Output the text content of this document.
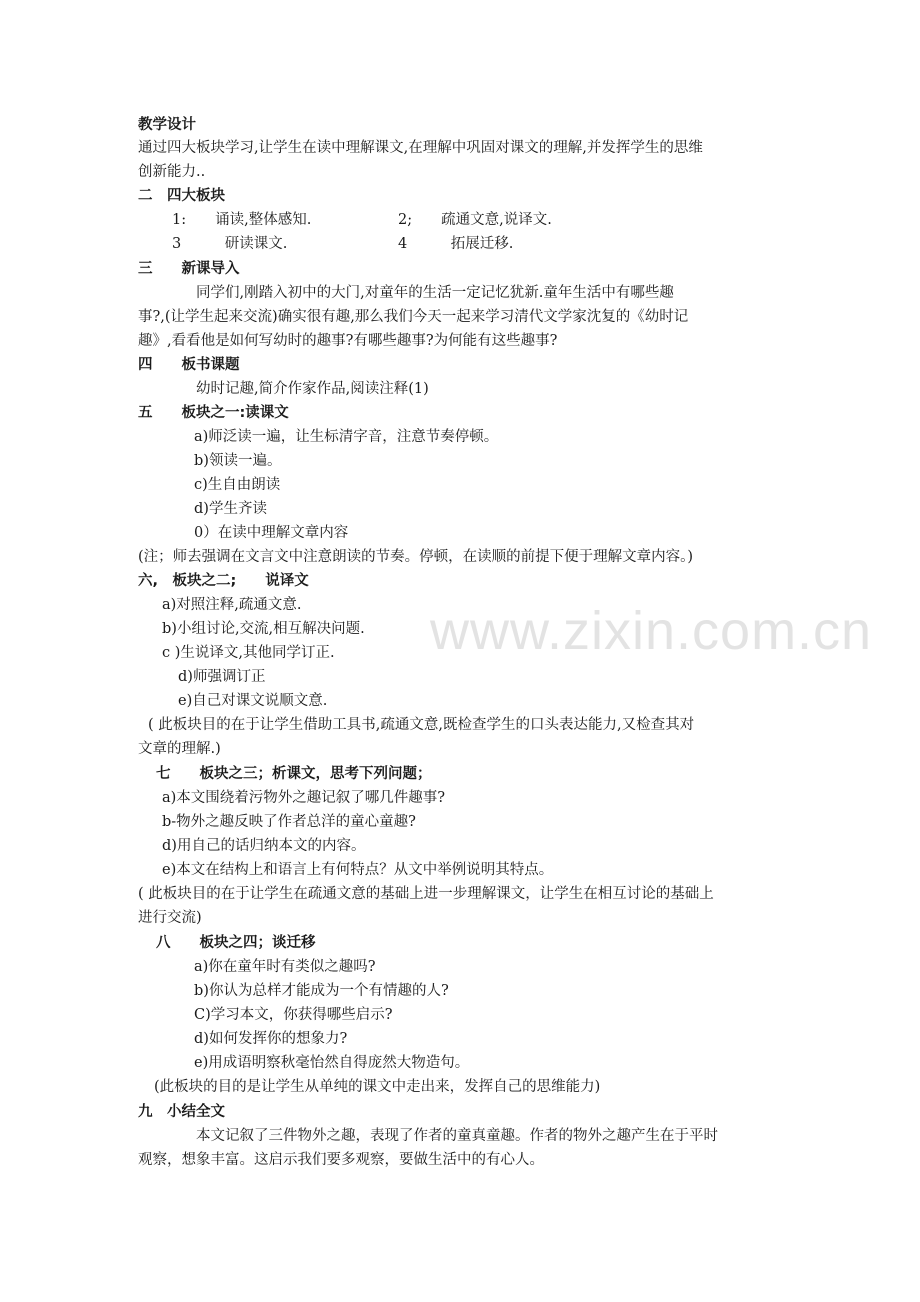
www.zixin.com.cn
教学设计
通过四大板块学习,让学生在读中理解课文,在理解中巩固对课文的理解,并发挥学生的思维
创新能力..
二　四大板块
1:　　诵读,整体感知.	2;　　疏通文意,说译文.
3　　　研读课文.	4　　　拓展迁移.
三　　新课导入
同学们,刚踏入初中的大门,对童年的生活一定记忆犹新.童年生活中有哪些趣
事?,(让学生起来交流)确实很有趣,那么我们今天一起来学习清代文学家沈复的《幼时记
趣》,看看他是如何写幼时的趣事?有哪些趣事?为何能有这些趣事?
四　　板书课题
幼时记趣,简介作家作品,阅读注释(1)
五　　板块之一:读课文
a)师泛读一遍，让生标清字音，注意节奏停顿。
b)领读一遍。
c)生自由朗读
d)学生齐读
0）在读中理解文章内容
(注；师去强调在文言文中注意朗读的节奏。停顿，在读顺的前提下便于理解文章内容。)
六,　板块之二;　　说译文
a)对照注释,疏通文意.
b)小组讨论,交流,相互解决问题.
c )生说译文,其他同学订正.
d)师强调订正
e)自己对课文说顺文意.
( 此板块目的在于让学生借助工具书,疏通文意,既检查学生的口头表达能力,又检查其对
文章的理解.)
七　　板块之三；析课文，思考下列问题；
a)本文围绕着污物外之趣记叙了哪几件趣事?
b-物外之趣反映了作者总洋的童心童趣?
d)用自己的话归纳本文的内容。
e)本文在结构上和语言上有何特点？从文中举例说明其特点。
( 此板块目的在于让学生在疏通文意的基础上进一步理解课文，让学生在相互讨论的基础上
进行交流)
八　　板块之四；谈迁移
a)你在童年时有类似之趣吗?
b)你认为总样才能成为一个有情趣的人?
C)学习本文，你获得哪些启示?
d)如何发挥你的想象力?
e)用成语明察秋毫怡然自得庞然大物造句。
(此板块的目的是让学生从单纯的课文中走出来，发挥自己的思维能力)
九　小结全文
本文记叙了三件物外之趣，表现了作者的童真童趣。作者的物外之趣产生在于平时
观察，想象丰富。这启示我们要多观察，要做生活中的有心人。
